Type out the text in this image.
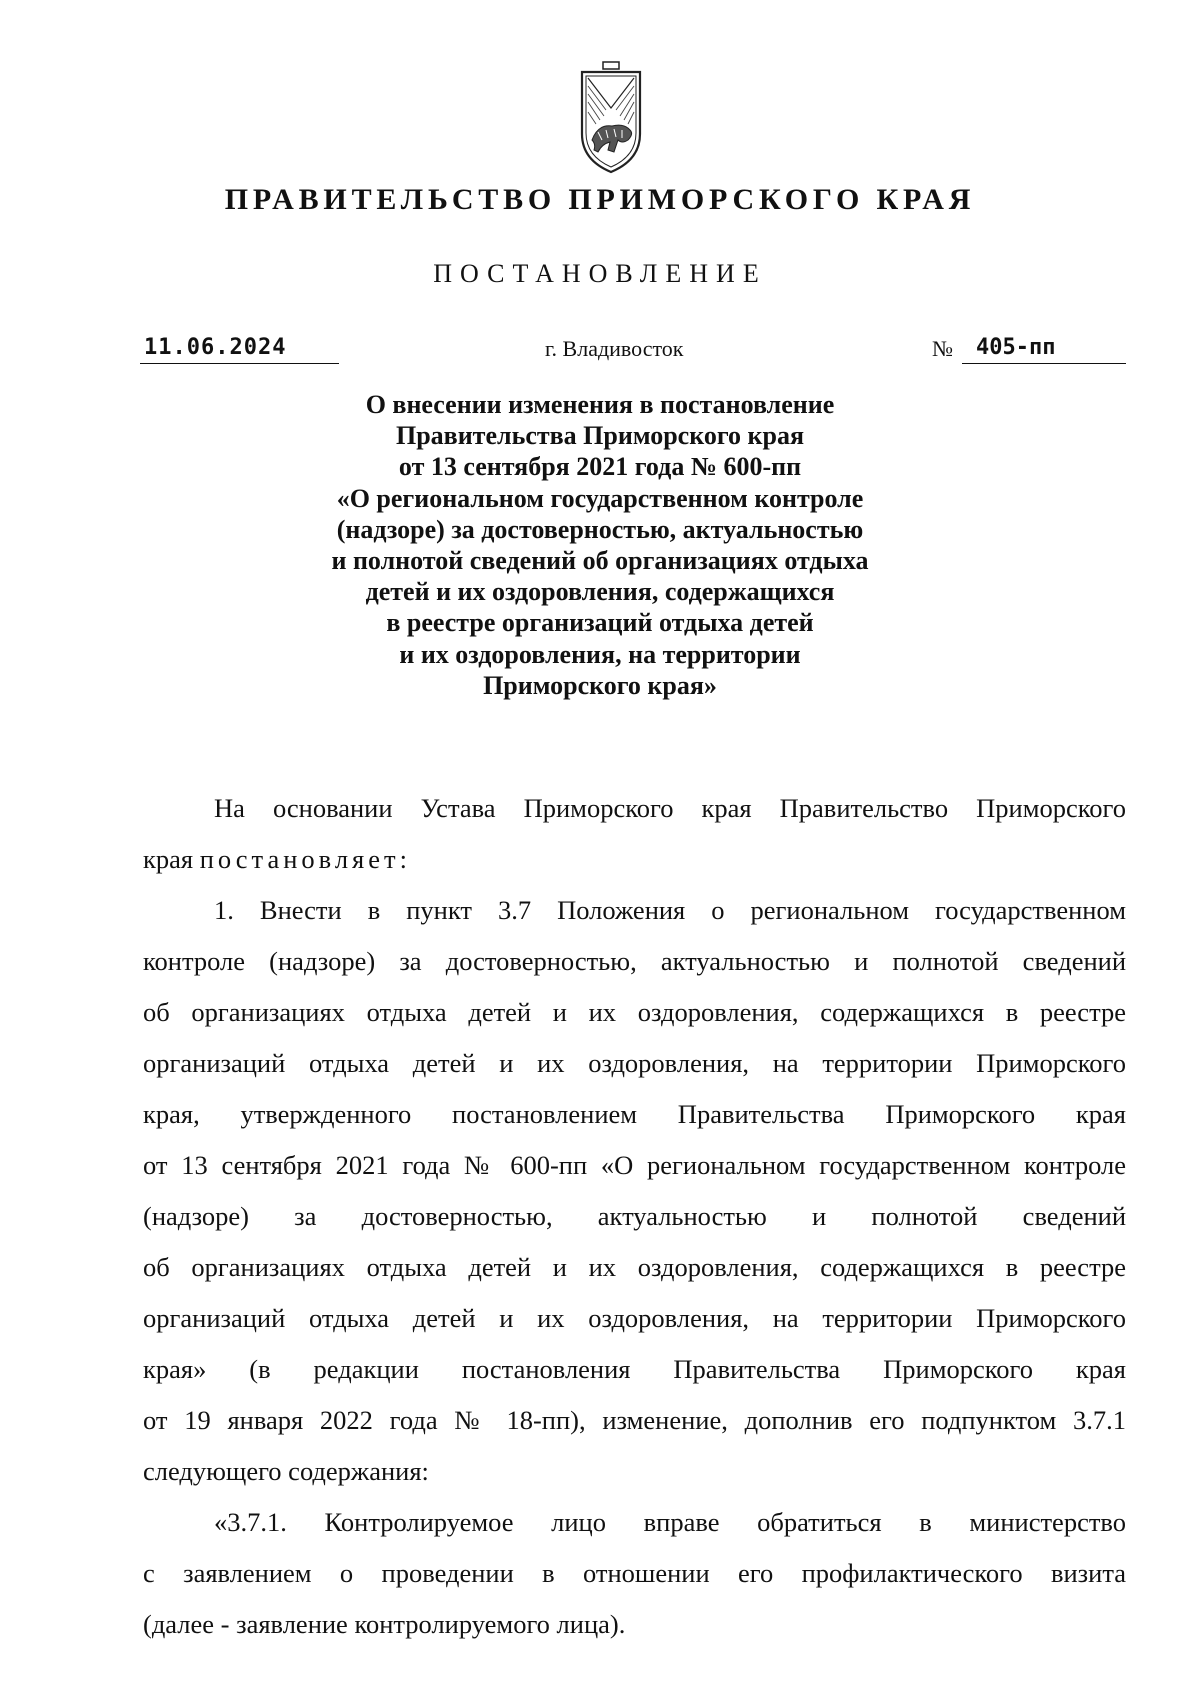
ПРАВИТЕЛЬСТВО ПРИМОРСКОГО КРАЯ
ПОСТАНОВЛЕНИЕ
11.06.2024	г. Владивосток	№	405-пп
О внесении изменения в постановление
Правительства Приморского края
от 13 сентября 2021 года № 600-пп
«О региональном государственном контроле
(надзоре) за достоверностью, актуальностью
и полнотой сведений об организациях отдыха
детей и их оздоровления, содержащихся
в реестре организаций отдыха детей
и их оздоровления, на территории
Приморского края»
На основании Устава Приморского края Правительство Приморского
края постановляет:
1. Внести в пункт 3.7 Положения о региональном государственном
контроле (надзоре) за достоверностью, актуальностью и полнотой сведений
об организациях отдыха детей и их оздоровления, содержащихся в реестре
организаций отдыха детей и их оздоровления, на территории Приморского
края, утвержденного постановлением Правительства Приморского края
от 13 сентября 2021 года № 600-пп «О региональном государственном контроле
(надзоре) за достоверностью, актуальностью и полнотой сведений
об организациях отдыха детей и их оздоровления, содержащихся в реестре
организаций отдыха детей и их оздоровления, на территории Приморского
края» (в редакции постановления Правительства Приморского края
от 19 января 2022 года № 18-пп), изменение, дополнив его подпунктом 3.7.1
следующего содержания:
«3.7.1. Контролируемое лицо вправе обратиться в министерство
с заявлением о проведении в отношении его профилактического визита
(далее - заявление контролируемого лица).
